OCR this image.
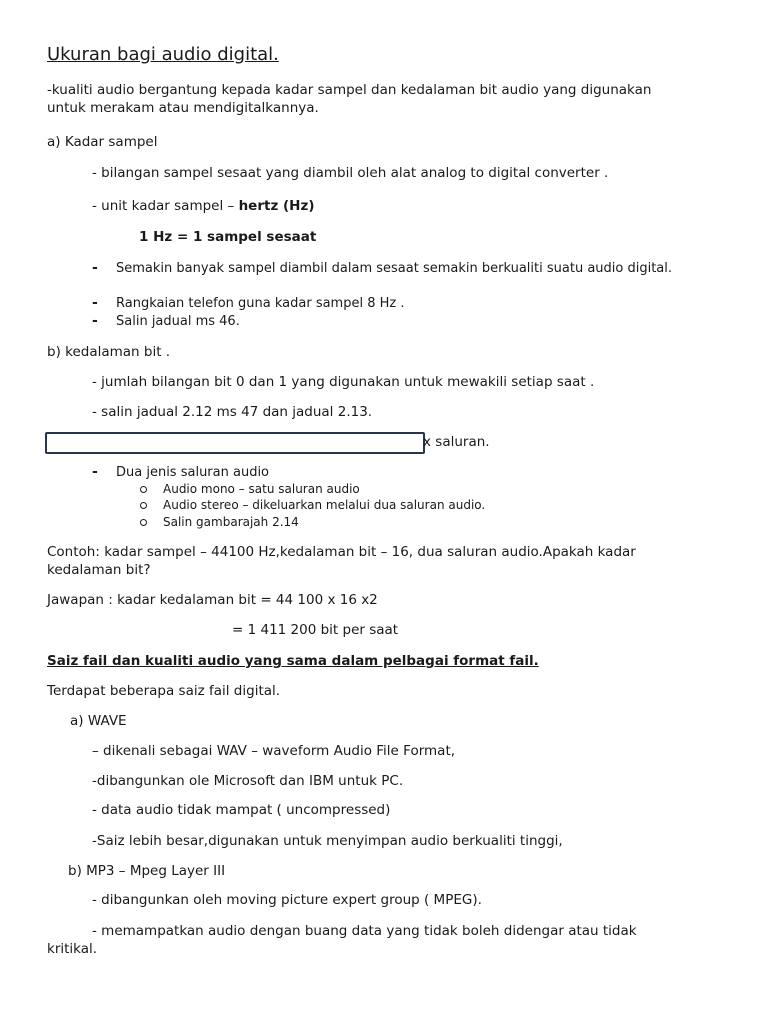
Ukuran bagi audio digital.
-kualiti audio bergantung kepada kadar sampel dan kedalaman bit audio yang digunakan untuk merakam atau mendigitalkannya.
a) Kadar sampel
- bilangan sampel sesaat yang diambil oleh alat analog to digital converter .
- unit kadar sampel – hertz (Hz)
1 Hz = 1 sampel sesaat
- Semakin banyak sampel diambil dalam sesaat semakin berkualiti suatu audio digital.
- Rangkaian telefon guna kadar sampel 8 Hz .
- Salin jadual ms 46.
b) kedalaman bit .
- jumlah bilangan bit 0 dan 1 yang digunakan untuk mewakili setiap saat .
- salin jadual 2.12 ms 47 dan jadual 2.13.
x saluran.
- Dua jenis saluran audio
Audio mono – satu saluran audio
Audio stereo – dikeluarkan melalui dua saluran audio.
Salin gambarajah 2.14
Contoh: kadar sampel – 44100 Hz,kedalaman bit – 16, dua saluran audio.Apakah kadar kedalaman bit?
Jawapan : kadar kedalaman bit = 44 100 x 16 x2
= 1 411 200 bit per saat
Saiz fail dan kualiti audio yang sama dalam pelbagai format fail.
Terdapat beberapa saiz fail digital.
a) WAVE
– dikenali sebagai WAV – waveform Audio File Format,
-dibangunkan ole Microsoft dan IBM untuk PC.
- data audio tidak mampat ( uncompressed)
-Saiz lebih besar,digunakan untuk menyimpan audio berkualiti tinggi,
b) MP3 – Mpeg Layer III
- dibangunkan oleh moving picture expert group ( MPEG).
- memampatkan audio dengan buang data yang tidak boleh didengar atau tidak
kritikal.
